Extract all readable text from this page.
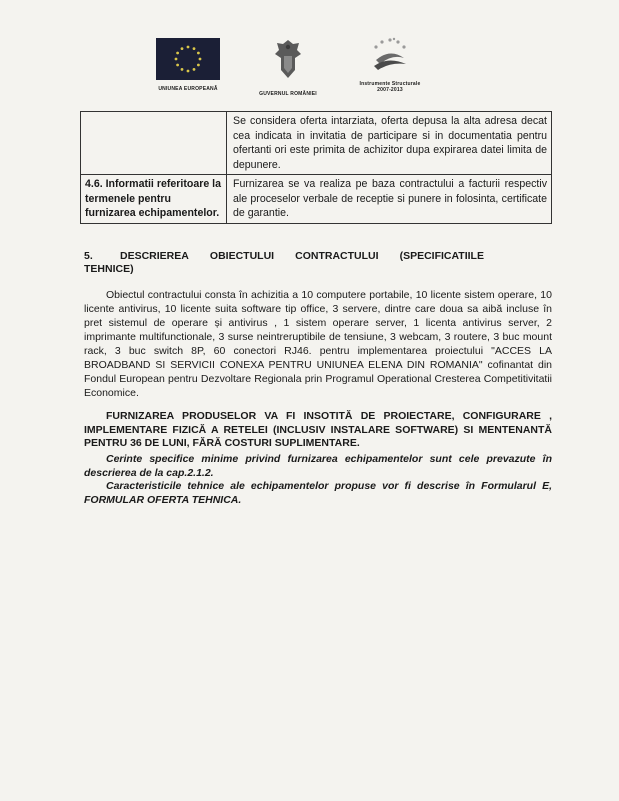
UNIUNEA EUROPEANĂ
GUVERNUL ROMÂNIEI
Instrumente Structurale
2007-2013
	Se considera oferta intarziata, oferta depusa la alta adresa decat cea indicata in invitatia de participare si in documentatia pentru ofertanti ori este primita de achizitor dupa expirarea datei limita de depunere.
4.6. Informatii referitoare la termenele pentru furnizarea echipamentelor.	Furnizarea se va realiza pe baza contractului a facturii respectiv ale proceselor verbale de receptie si punere in folosinta, certificate de garantie.
5.	DESCRIEREA OBIECTULUI CONTRACTULUI (SPECIFICATIILE
TEHNICE)
Obiectul contractului consta în achizitia a 10 computere portabile, 10 licente sistem operare, 10 licente antivirus, 10 licente suita software tip office, 3 servere, dintre care doua sa aibă incluse în pret sistemul de operare și antivirus , 1 sistem operare server, 1 licenta antivirus server, 2 imprimante multifunctionale, 3 surse neintreruptibile de tensiune, 3 webcam, 3 routere, 3 buc mount rack, 3 buc switch 8P, 60 conectori RJ46. pentru implementarea proiectului "ACCES LA BROADBAND SI SERVICII CONEXA PENTRU UNIUNEA ELENA DIN ROMANIA" cofinantat din Fondul European pentru Dezvoltare Regionala prin Programul Operational Cresterea Competitivitatii Economice.
FURNIZAREA PRODUSELOR VA FI INSOTITĂ DE PROIECTARE, CONFIGURARE , IMPLEMENTARE FIZICĂ A RETELEI (INCLUSIV INSTALARE SOFTWARE) SI MENTENANTĂ PENTRU 36 DE LUNI, FĂRĂ COSTURI SUPLIMENTARE.

Cerinte specifice minime privind furnizarea echipamentelor sunt cele prevazute în descrierea de la cap.2.1.2.

Caracteristicile tehnice ale echipamentelor propuse vor fi descrise în Formularul E, FORMULAR OFERTA TEHNICA.
